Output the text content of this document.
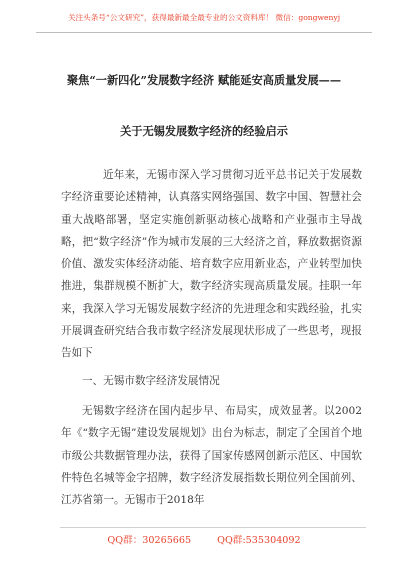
关注头条号“公文研究”，获得最新最全最专业的公文资料库！ 微信：gongwenyj
聚焦“一新四化”发展数字经济 赋能延安高质量发展——
关于无锡发展数字经济的经验启示
近年来，无锡市深入学习贯彻习近平总书记关于发展数字经济重要论述精神，认真落实网络强国、数字中国、智慧社会重大战略部署，坚定实施创新驱动核心战略和产业强市主导战略，把“数字经济”作为城市发展的三大经济之首，释放数据资源价值、激发实体经济动能、培育数字应用新业态，产业转型加快推进，集群规模不断扩大，数字经济实现高质量发展。挂职一年来，我深入学习无锡发展数字经济的先进理念和实践经验，扎实开展调查研究结合我市数字经济发展现状形成了一些思考，现报告如下
一、无锡市数字经济发展情况
无锡数字经济在国内起步早、布局实，成效显著。以2002年《“数字无锡”建设发展规划》出台为标志，制定了全国首个地市级公共数据管理办法，获得了国家传感网创新示范区、中国软件特色名城等金字招牌，数字经济发展指数长期位列全国前列、江苏省第一。无锡市于2018年
QQ群：30265665	QQ群:535304092
